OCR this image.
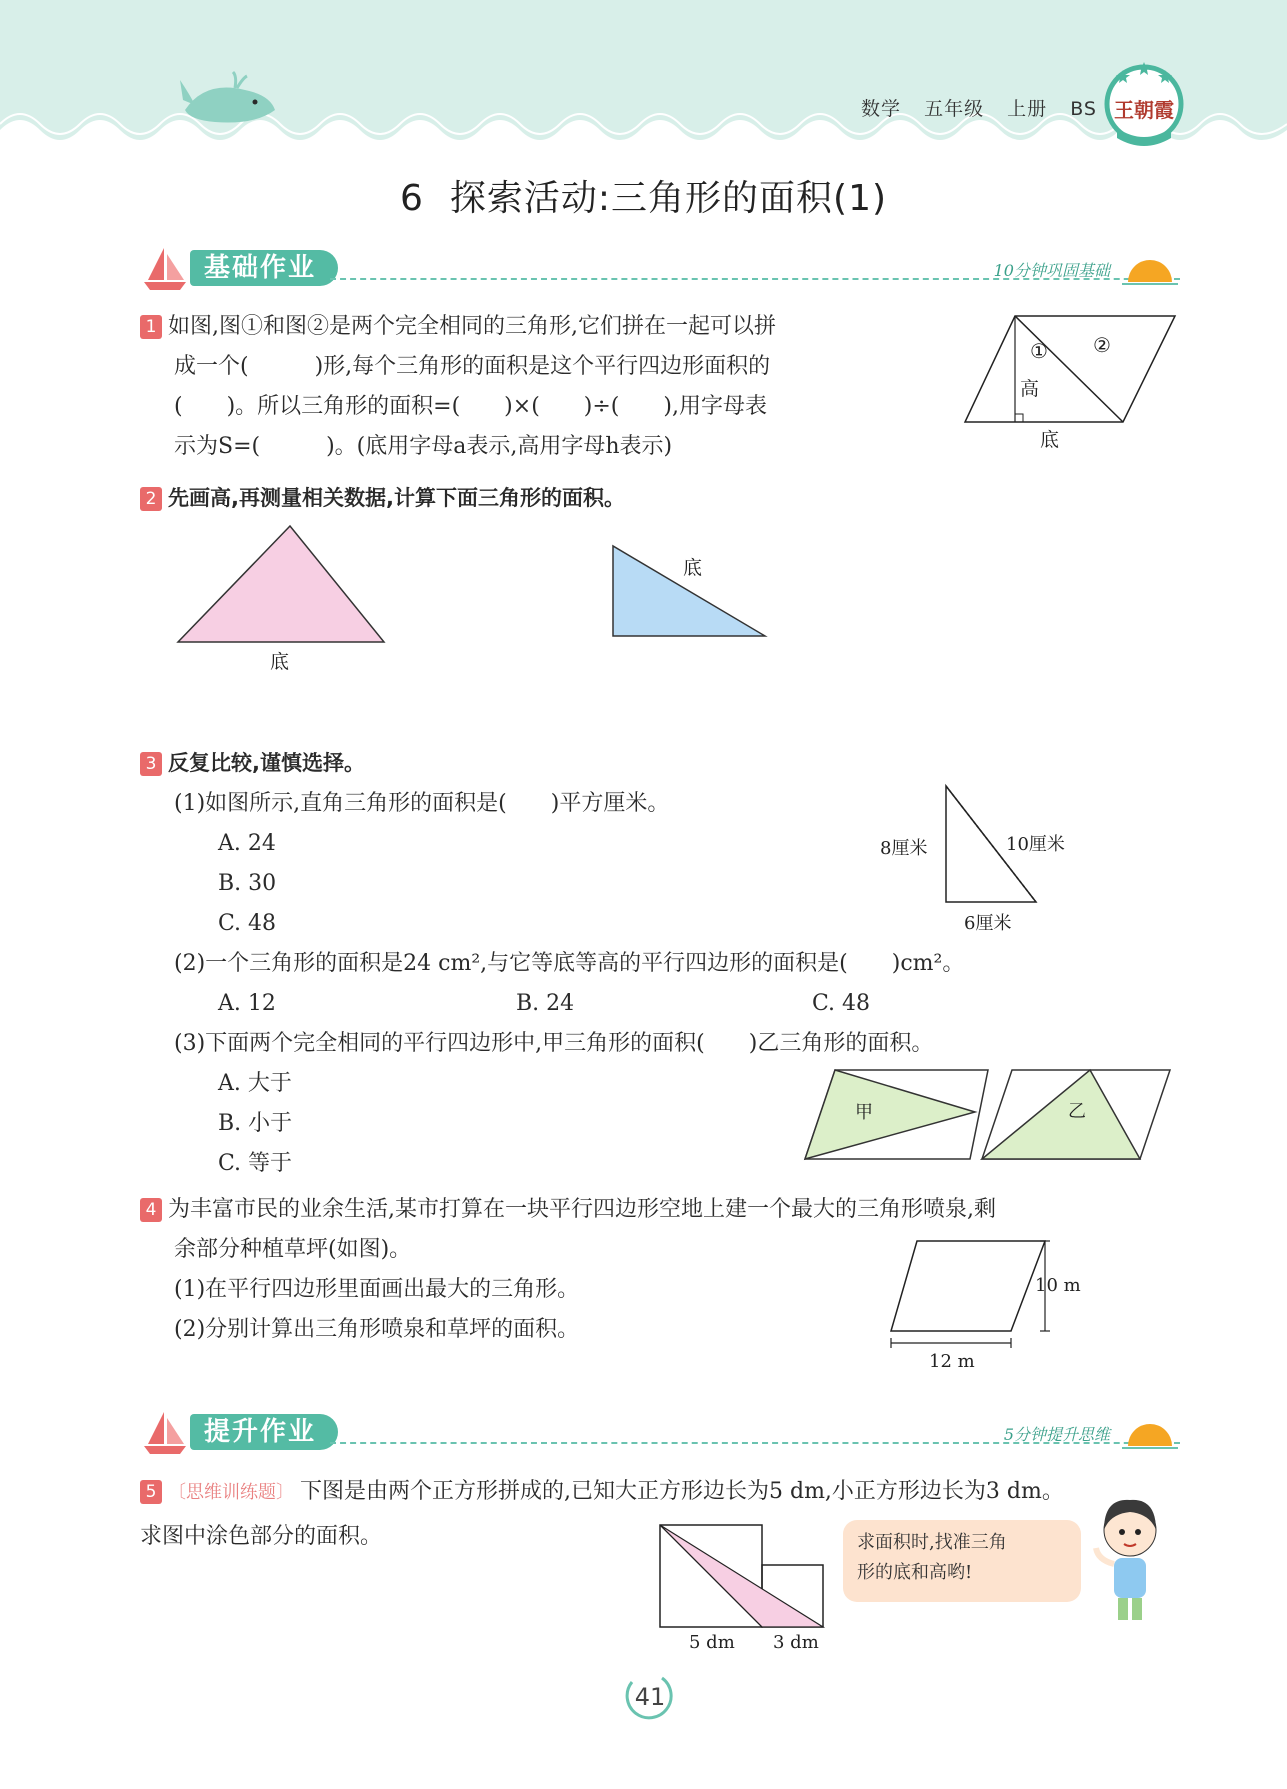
数学 五年级 上册 BS 王朝霞
6 探索活动:三角形的面积(1)
基础作业	10分钟巩固基础
1 如图,图①和图②是两个完全相同的三角形,它们拼在一起可以拼
成一个(　　　)形,每个三角形的面积是这个平行四边形面积的
(　　)。所以三角形的面积=(　　)×(　　)÷(　　),用字母表
示为S=(　　　)。(底用字母a表示,高用字母h表示)
① ②
高
底
2 先画高,再测量相关数据,计算下面三角形的面积。
底
底
3 反复比较,谨慎选择。
(1)如图所示,直角三角形的面积是(　　)平方厘米。
A. 24
B. 30
C. 48
(2)一个三角形的面积是24 cm²,与它等底等高的平行四边形的面积是(　　)cm²。
A. 12	B. 24	C. 48
(3)下面两个完全相同的平行四边形中,甲三角形的面积(　　)乙三角形的面积。
A. 大于
B. 小于
C. 等于
8厘米	10厘米
6厘米
甲	乙
4 为丰富市民的业余生活,某市打算在一块平行四边形空地上建一个最大的三角形喷泉,剩
余部分种植草坪(如图)。
(1)在平行四边形里面画出最大的三角形。
(2)分别计算出三角形喷泉和草坪的面积。
10 m
12 m
提升作业	5分钟提升思维
5 〔思维训练题〕 下图是由两个正方形拼成的,已知大正方形边长为5 dm,小正方形边长为3 dm。
求图中涂色部分的面积。
5 dm 3 dm
求面积时,找准三角
形的底和高哟!
41
